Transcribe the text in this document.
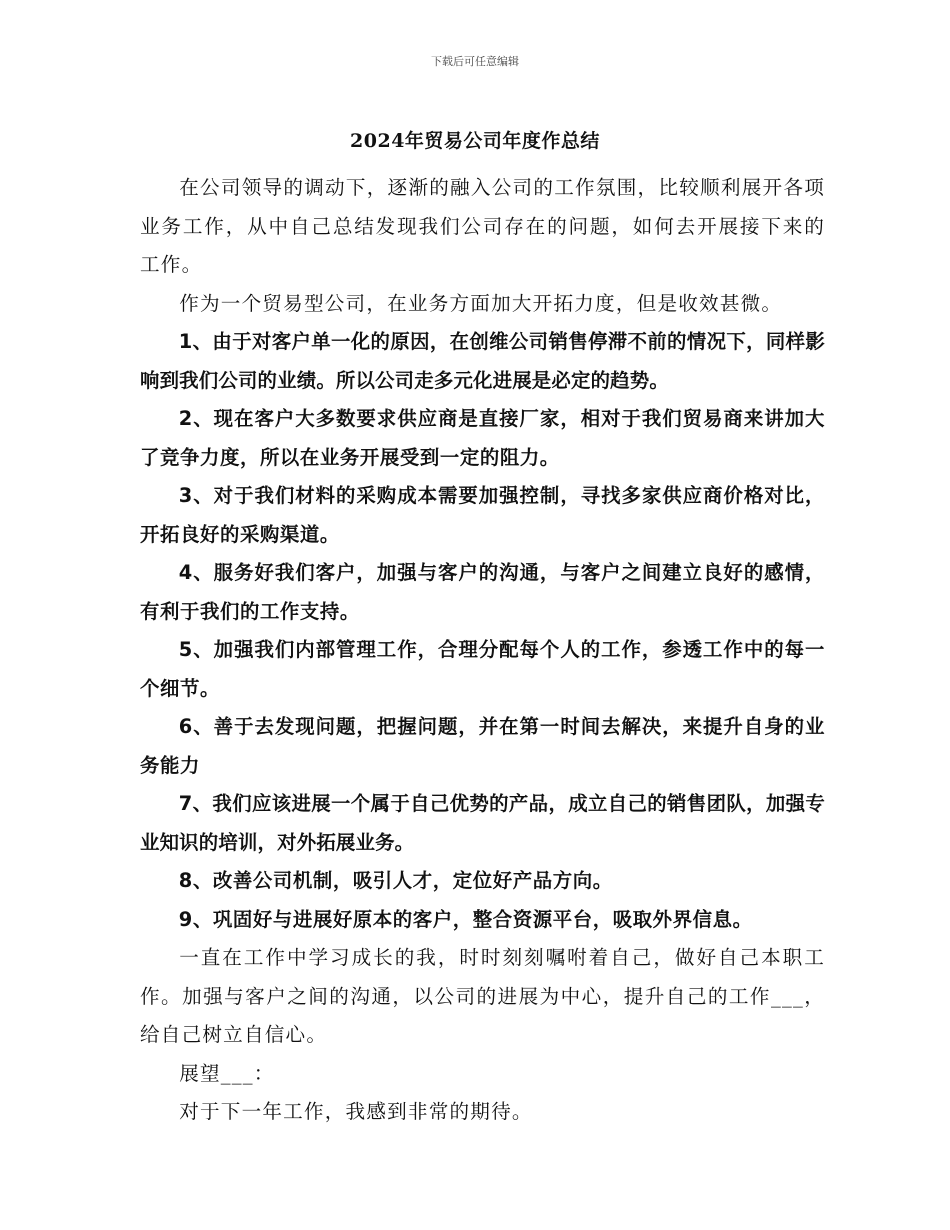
下载后可任意编辑
2024年贸易公司年度作总结

在公司领导的调动下，逐渐的融入公司的工作氛围，比较顺利展开各项业务工作，从中自己总结发现我们公司存在的问题，如何去开展接下来的工作。

作为一个贸易型公司，在业务方面加大开拓力度，但是收效甚微。

1、由于对客户单一化的原因，在创维公司销售停滞不前的情况下，同样影响到我们公司的业绩。所以公司走多元化进展是必定的趋势。

2、现在客户大多数要求供应商是直接厂家，相对于我们贸易商来讲加大了竞争力度，所以在业务开展受到一定的阻力。

3、对于我们材料的采购成本需要加强控制，寻找多家供应商价格对比，开拓良好的采购渠道。

4、服务好我们客户，加强与客户的沟通，与客户之间建立良好的感情，有利于我们的工作支持。

5、加强我们内部管理工作，合理分配每个人的工作，参透工作中的每一个细节。

6、善于去发现问题，把握问题，并在第一时间去解决，来提升自身的业务能力

7、我们应该进展一个属于自己优势的产品，成立自己的销售团队，加强专业知识的培训，对外拓展业务。

8、改善公司机制，吸引人才，定位好产品方向。

9、巩固好与进展好原本的客户，整合资源平台，吸取外界信息。

一直在工作中学习成长的我，时时刻刻嘱咐着自己，做好自己本职工作。加强与客户之间的沟通，以公司的进展为中心，提升自己的工作___，给自己树立自信心。

展望___：

对于下一年工作，我感到非常的期待。
